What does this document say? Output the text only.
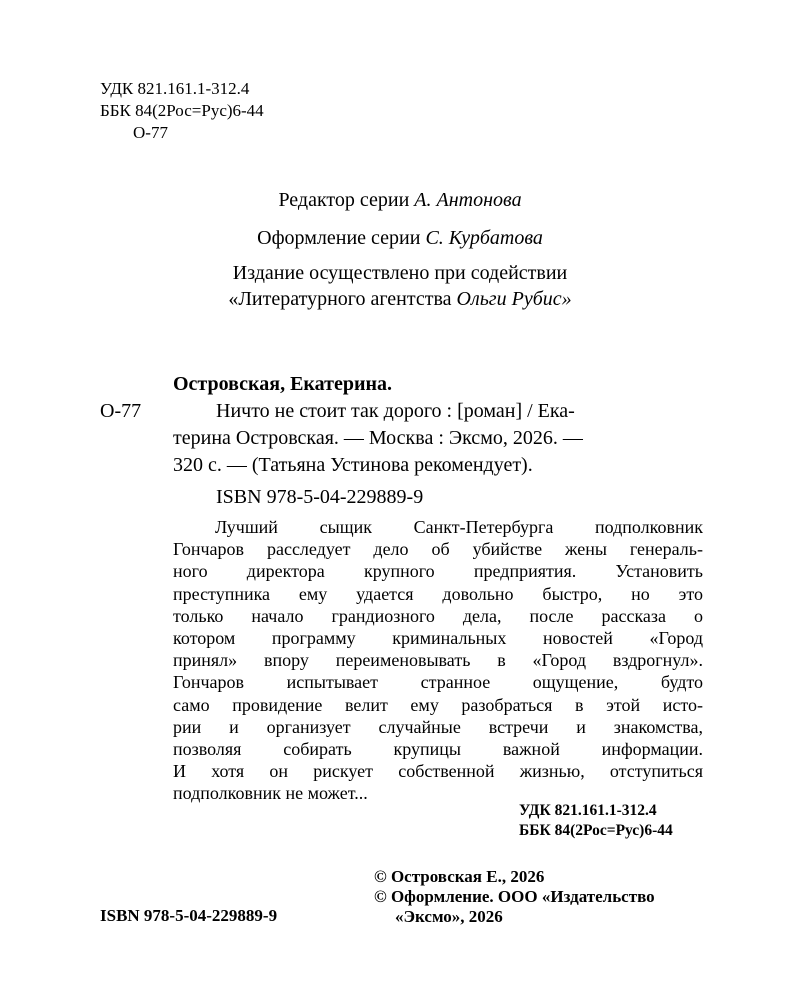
УДК 821.161.1-312.4
ББК 84(2Рос=Рус)6-44
О-77
Редактор серии А. Антонова
Оформление серии С. Курбатова
Издание осуществлено при содействии
«Литературного агентства Ольги Рубис»
Островская, Екатерина.
О-77	Ничто не стоит так дорого : [роман] / Ека-
терина Островская. — Москва : Эксмо, 2026. —
320 с. — (Татьяна Устинова рекомендует).
ISBN 978-5-04-229889-9

Лучший сыщик Санкт-Петербурга подполковник
Гончаров расследует дело об убийстве жены генераль-
ного директора крупного предприятия. Установить
преступника ему удается довольно быстро, но это
только начало грандиозного дела, после рассказа о
котором программу криминальных новостей «Город
принял» впору переименовывать в «Город вздрогнул».
Гончаров испытывает странное ощущение, будто
само провидение велит ему разобраться в этой исто-
рии и организует случайные встречи и знакомства,
позволяя собирать крупицы важной информации.
И хотя он рискует собственной жизнью, отступиться
подполковник не может...

УДК 821.161.1-312.4
ББК 84(2Рос=Рус)6-44
© Островская Е., 2026
© Оформление. ООО «Издательство
«Эксмо», 2026
ISBN 978-5-04-229889-9
